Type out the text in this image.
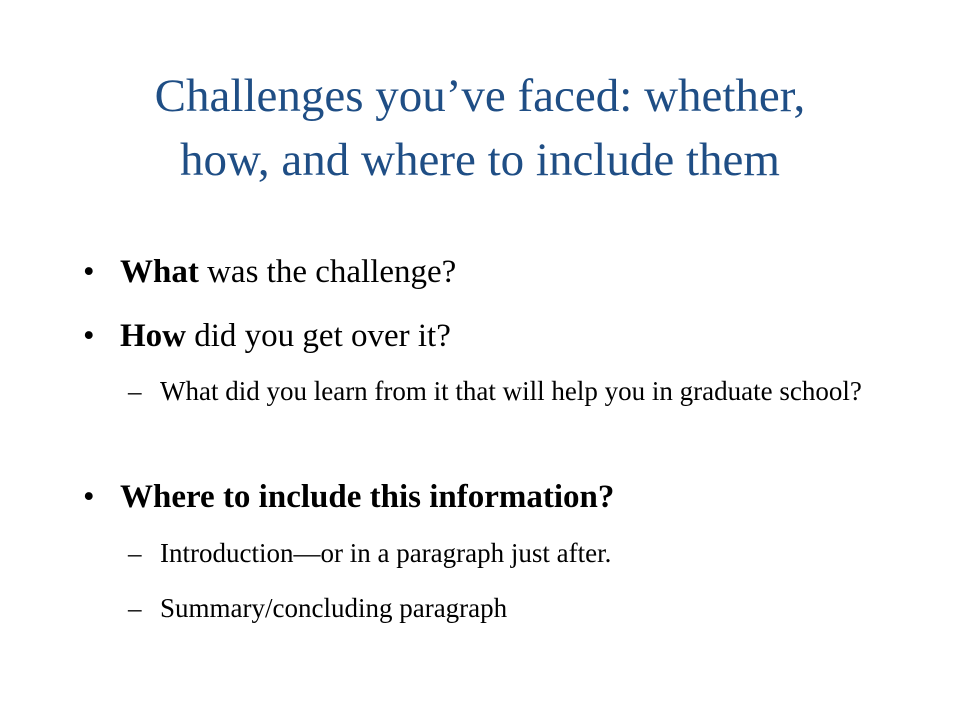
Challenges you’ve faced: whether,
how, and where to include them
• What was the challenge?
• How did you get over it?
– What did you learn from it that will help you in graduate school?
• Where to include this information?
– Introduction—or in a paragraph just after.
– Summary/concluding paragraph
